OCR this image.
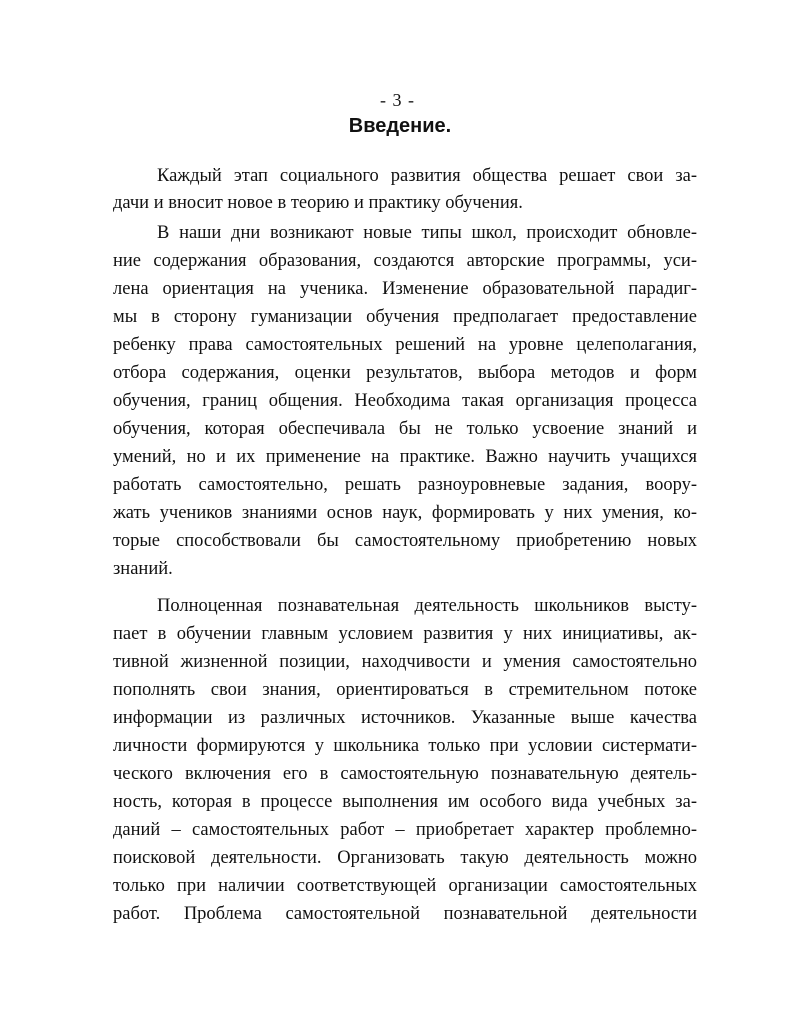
- 3 -
Введение.
Каждый этап социального развития общества решает свои за-
дачи и вносит новое в теорию и практику обучения.
В наши дни возникают новые типы школ, происходит обновле-
ние содержания образования, создаются авторские программы, уси-
лена ориентация на ученика. Изменение образовательной парадиг-
мы в сторону гуманизации обучения предполагает предоставление
ребенку права самостоятельных решений на уровне целеполагания,
отбора содержания, оценки результатов, выбора методов и форм
обучения, границ общения. Необходима такая организация процесса
обучения, которая обеспечивала бы не только усвоение знаний и
умений, но и их применение на практике. Важно научить учащихся
работать самостоятельно, решать разноуровневые задания, воору-
жать учеников знаниями основ наук, формировать у них умения, ко-
торые способствовали бы самостоятельному приобретению новых
знаний.
Полноценная познавательная деятельность школьников высту-
пает в обучении главным условием развития у них инициативы, ак-
тивной жизненной позиции, находчивости и умения самостоятельно
пополнять свои знания, ориентироваться в стремительном потоке
информации из различных источников. Указанные выше качества
личности формируются у школьника только при условии систермати-
ческого включения его в самостоятельную познавательную деятель-
ность, которая в процессе выполнения им особого вида учебных за-
даний – самостоятельных работ – приобретает характер проблемно-
поисковой деятельности. Организовать такую деятельность можно
только при наличии соответствующей организации самостоятельных
работ. Проблема самостоятельной познавательной деятельности
